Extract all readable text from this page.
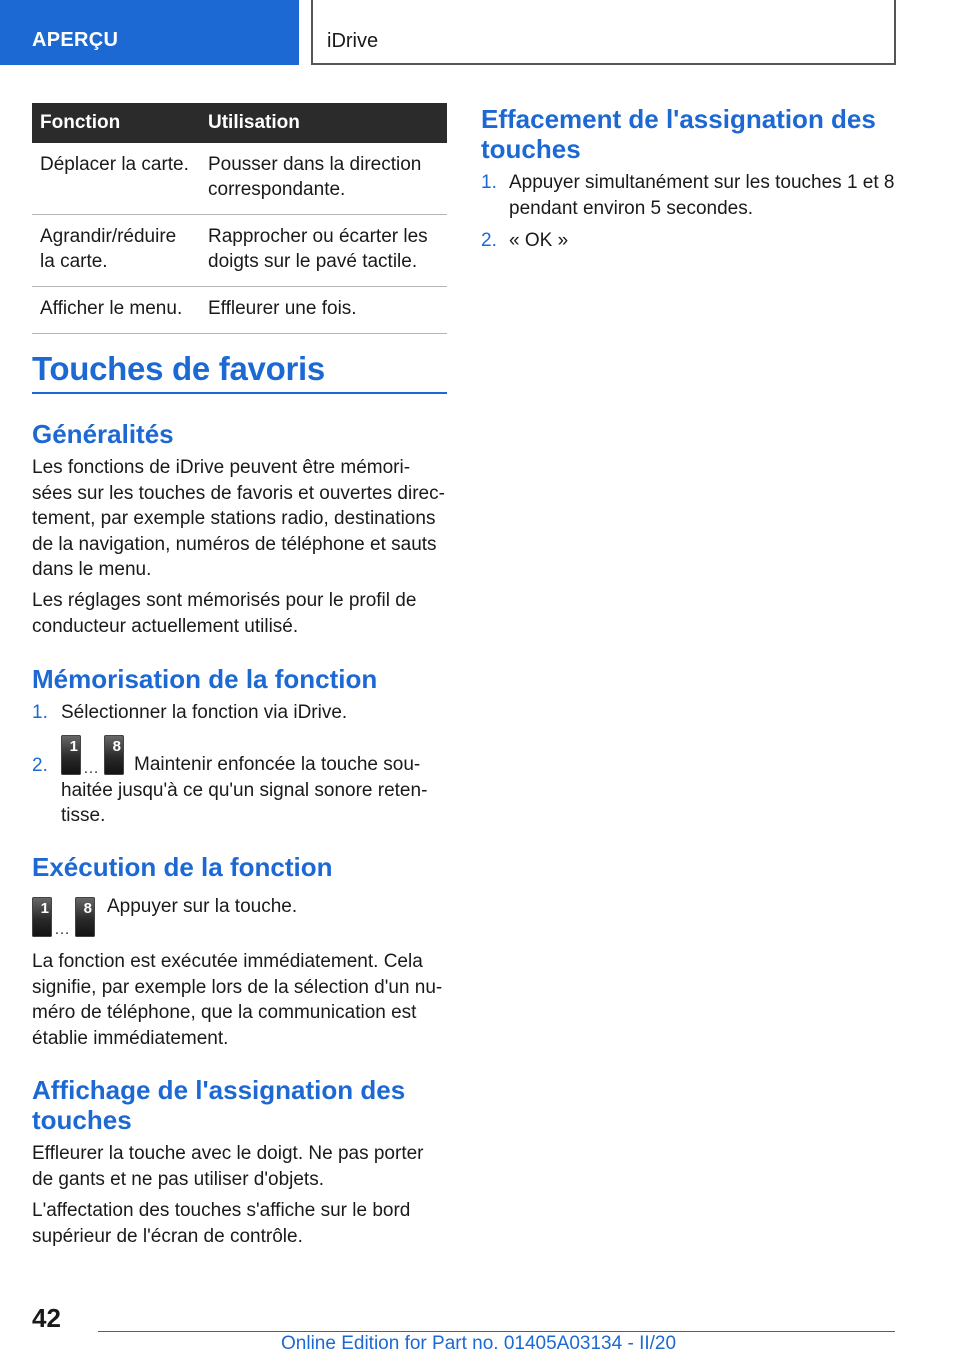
APERÇU	iDrive
Fonction	Utilisation
Déplacer la carte.	Pousser dans la direction correspondante.
Agrandir/réduire la carte.	Rapprocher ou écarter les doigts sur le pavé tactile.
Afficher le menu.	Effleurer une fois.
Touches de favoris
Généralités
Les fonctions de iDrive peuvent être mémori-sées sur les touches de favoris et ouvertes direc-tement, par exemple stations radio, destinations de la navigation, numéros de téléphone et sauts dans le menu.
Les réglages sont mémorisés pour le profil de conducteur actuellement utilisé.
Mémorisation de la fonction
1. Sélectionner la fonction via iDrive.
2.
1
…
8
Maintenir enfoncée la touche sou-haitée jusqu'à ce qu'un signal sonore reten-tisse.
Exécution de la fonction
1
…
8 Appuyer sur la touche.
La fonction est exécutée immédiatement. Cela signifie, par exemple lors de la sélection d'un nu-méro de téléphone, que la communication est établie immédiatement.
Affichage de l'assignation des touches
Effleurer la touche avec le doigt. Ne pas porter de gants et ne pas utiliser d'objets.
L'affectation des touches s'affiche sur le bord supérieur de l'écran de contrôle.
Effacement de l'assignation des touches
1. Appuyer simultanément sur les touches 1 et 8 pendant environ 5 secondes.
2. « OK »
42
Online Edition for Part no. 01405A03134 - II/20
